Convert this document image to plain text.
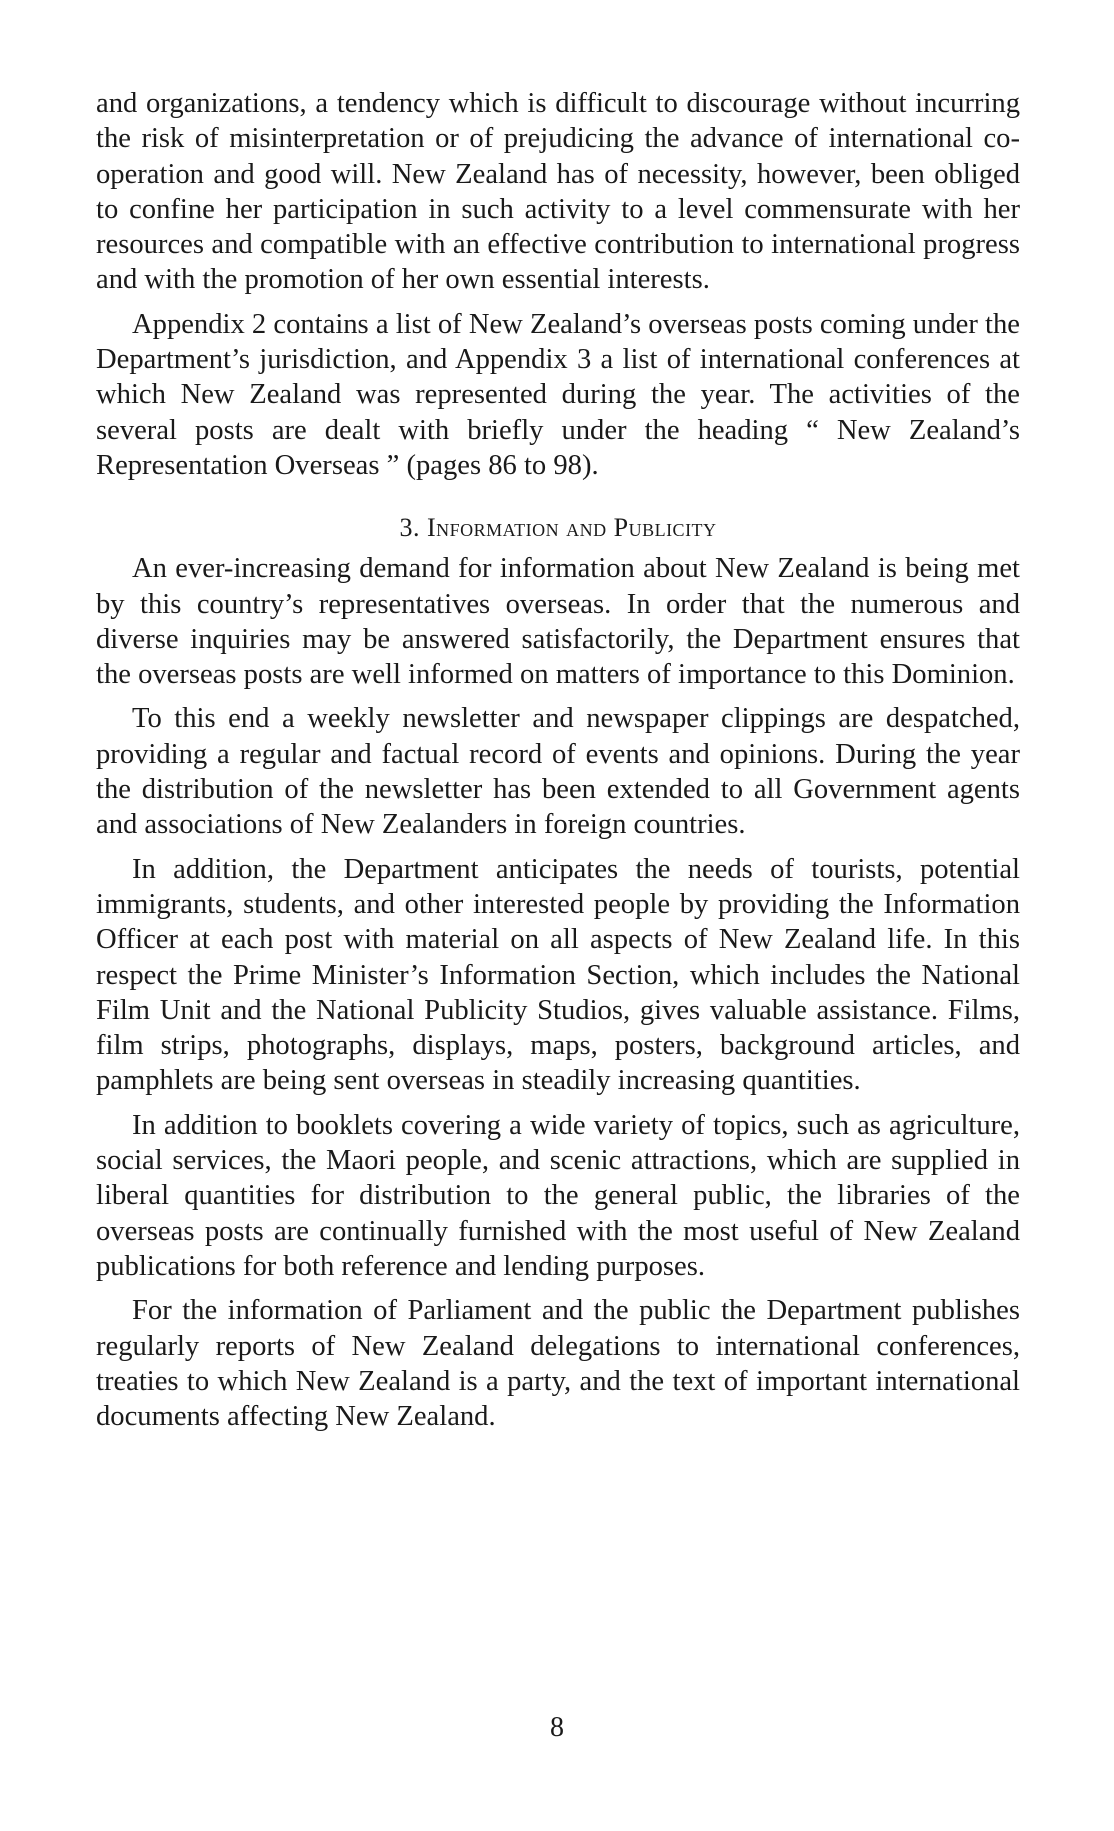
and organizations, a tendency which is difficult to discourage without incurring the risk of misinterpretation or of prejudicing the advance of international co-operation and good will. New Zealand has of necessity, however, been obliged to confine her participation in such activity to a level commensurate with her resources and compatible with an effective contribution to international progress and with the promotion of her own essential interests.

Appendix 2 contains a list of New Zealand’s overseas posts coming under the Department’s jurisdiction, and Appendix 3 a list of international conferences at which New Zealand was represented during the year. The activities of the several posts are dealt with briefly under the heading “ New Zealand’s Representation Overseas ” (pages 86 to 98).

3. Information and Publicity

An ever-increasing demand for information about New Zealand is being met by this country’s representatives overseas. In order that the numerous and diverse inquiries may be answered satisfactorily, the Department ensures that the overseas posts are well informed on matters of importance to this Dominion.

To this end a weekly newsletter and newspaper clippings are despatched, providing a regular and factual record of events and opinions. During the year the distribution of the newsletter has been extended to all Government agents and associations of New Zealanders in foreign countries.

In addition, the Department anticipates the needs of tourists, potential immigrants, students, and other interested people by providing the Information Officer at each post with material on all aspects of New Zealand life. In this respect the Prime Minister’s Information Section, which includes the National Film Unit and the National Publicity Studios, gives valuable assistance. Films, film strips, photographs, displays, maps, posters, background articles, and pamphlets are being sent overseas in steadily increasing quantities.

In addition to booklets covering a wide variety of topics, such as agriculture, social services, the Maori people, and scenic attractions, which are supplied in liberal quantities for distribution to the general public, the libraries of the overseas posts are continually furnished with the most useful of New Zealand publications for both reference and lending purposes.

For the information of Parliament and the public the Department publishes regularly reports of New Zealand delegations to international conferences, treaties to which New Zealand is a party, and the text of important international documents affecting New Zealand.

8
